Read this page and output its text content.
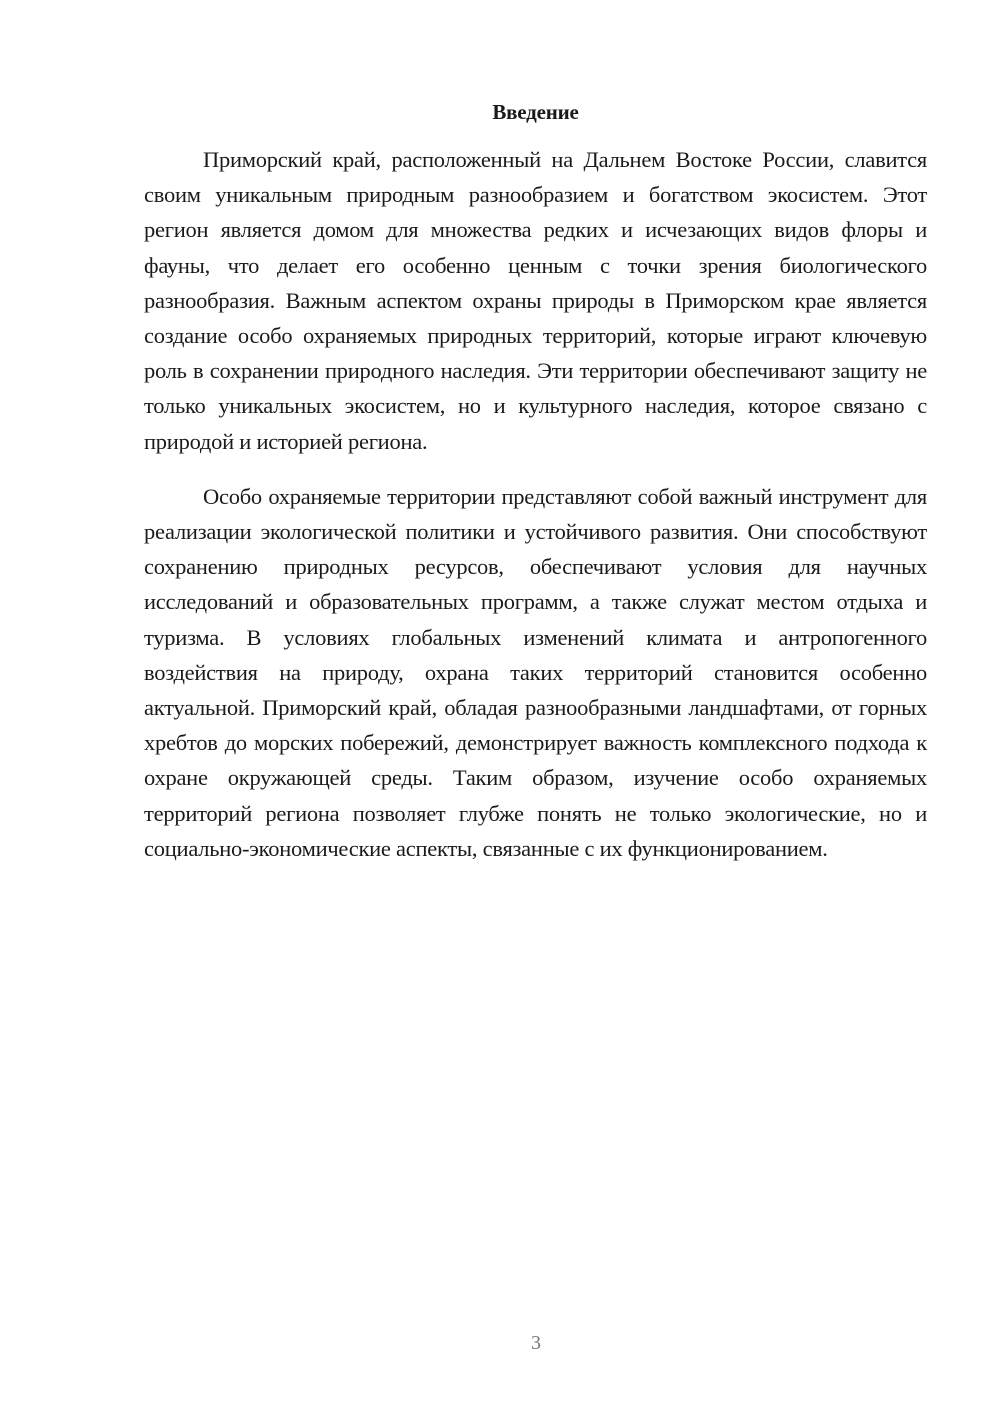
Введение

Приморский край, расположенный на Дальнем Востоке России, славится своим уникальным природным разнообразием и богатством экосистем. Этот регион является домом для множества редких и исчезающих видов флоры и фауны, что делает его особенно ценным с точки зрения биологического разнообразия. Важным аспектом охраны природы в Приморском крае является создание особо охраняемых природных территорий, которые играют ключевую роль в сохранении природного наследия. Эти территории обеспечивают защиту не только уникальных экосистем, но и культурного наследия, которое связано с природой и историей региона.

Особо охраняемые территории представляют собой важный инструмент для реализации экологической политики и устойчивого развития. Они способствуют сохранению природных ресурсов, обеспечивают условия для научных исследований и образовательных программ, а также служат местом отдыха и туризма. В условиях глобальных изменений климата и антропогенного воздействия на природу, охрана таких территорий становится особенно актуальной. Приморский край, обладая разнообразными ландшафтами, от горных хребтов до морских побережий, демонстрирует важность комплексного подхода к охране окружающей среды. Таким образом, изучение особо охраняемых территорий региона позволяет глубже понять не только экологические, но и социально-экономические аспекты, связанные с их функционированием.

3
